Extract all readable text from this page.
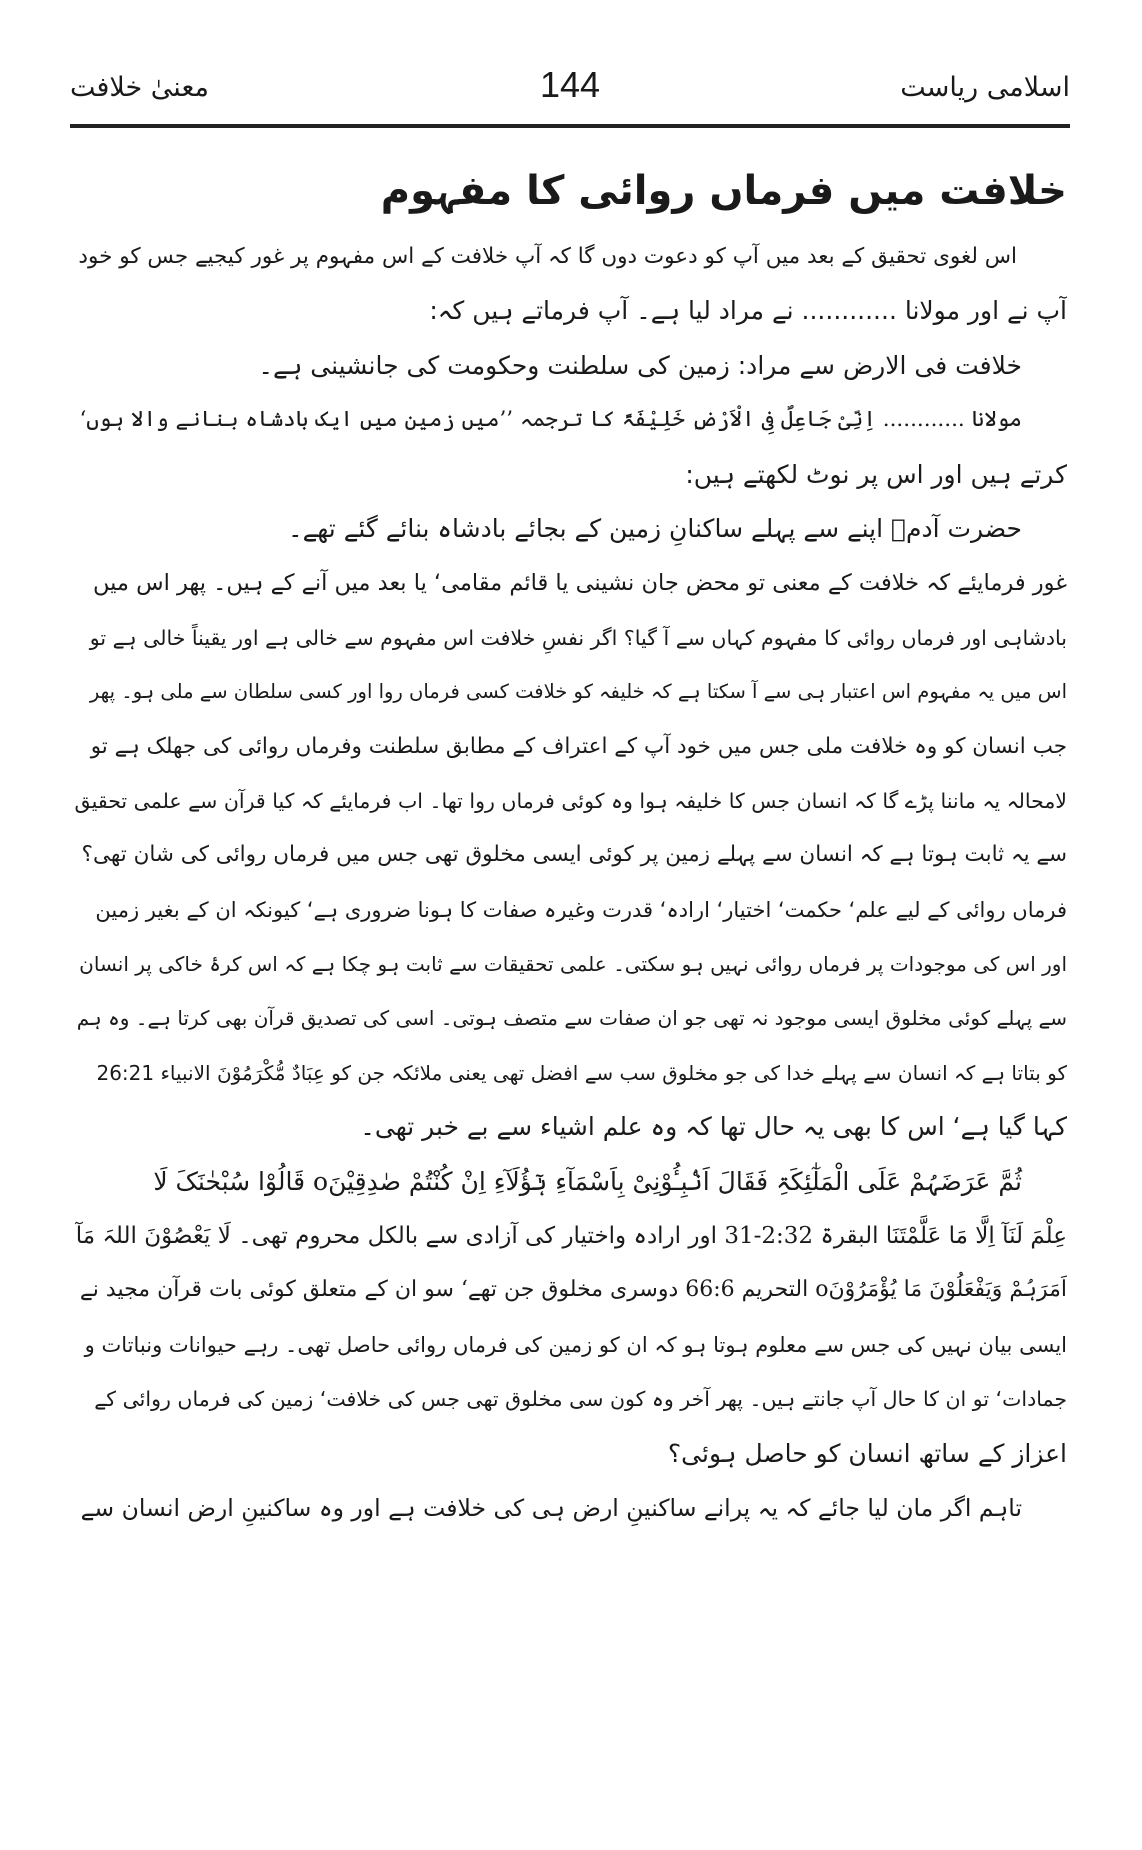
معنیٰ خلافت	144	اسلامی ریاست
خلافت میں فرماں روائی کا مفہوم
اس لغوی تحقیق کے بعد میں آپ کو دعوت دوں گا کہ آپ خلافت کے اس مفہوم پر غور کیجیے جس کو خود
آپ نے اور مولانا ............ نے مراد لیا ہے۔ آپ فرماتے ہیں کہ:
خلافت فی الارض سے مراد: زمین کی سلطنت وحکومت کی جانشینی ہے۔
مولانا ............ اِنِّیْ جَاعِلٌ فِی الْاَرْضِ خَلِیْفَۃً کا ترجمہ ’’میں زمین میں ایک بادشاہ بنانے والا ہوں‘
کرتے ہیں اور اس پر نوٹ لکھتے ہیں:
حضرت آدمؑ اپنے سے پہلے ساکنانِ زمین کے بجائے بادشاہ بنائے گئے تھے۔
غور فرمایئے کہ خلافت کے معنی تو محض جان نشینی یا قائم مقامی‘ یا بعد میں آنے کے ہیں۔ پھر اس میں
بادشاہی اور فرماں روائی کا مفہوم کہاں سے آ گیا؟ اگر نفسِ خلافت اس مفہوم سے خالی ہے اور یقیناً خالی ہے تو
اس میں یہ مفہوم اس اعتبار ہی سے آ سکتا ہے کہ خلیفہ کو خلافت کسی فرماں روا اور کسی سلطان سے ملی ہو۔ پھر
جب انسان کو وہ خلافت ملی جس میں خود آپ کے اعتراف کے مطابق سلطنت وفرماں روائی کی جھلک ہے تو
لامحالہ یہ ماننا پڑے گا کہ انسان جس کا خلیفہ ہوا وہ کوئی فرماں روا تھا۔ اب فرمایئے کہ کیا قرآن سے علمی تحقیق
سے یہ ثابت ہوتا ہے کہ انسان سے پہلے زمین پر کوئی ایسی مخلوق تھی جس میں فرماں روائی کی شان تھی؟
فرماں روائی کے لیے علم‘ حکمت‘ اختیار‘ ارادہ‘ قدرت وغیرہ صفات کا ہونا ضروری ہے‘ کیونکہ ان کے بغیر زمین
اور اس کی موجودات پر فرماں روائی نہیں ہو سکتی۔ علمی تحقیقات سے ثابت ہو چکا ہے کہ اس کرۂ خاکی پر انسان
سے پہلے کوئی مخلوق ایسی موجود نہ تھی جو ان صفات سے متصف ہوتی۔ اسی کی تصدیق قرآن بھی کرتا ہے۔ وہ ہم
کو بتاتا ہے کہ انسان سے پہلے خدا کی جو مخلوق سب سے افضل تھی یعنی ملائکہ جن کو عِبَادٌ مُّکْرَمُوْنَ الانبیاء 26:21
کہا گیا ہے‘ اس کا بھی یہ حال تھا کہ وہ علم اشیاء سے بے خبر تھی۔
ثُمَّ عَرَضَہُمْ عَلَی الْمَلٰٓئِکَۃِ فَقَالَ اَنْۢبِـُٔوْنِیْ بِاَسْمَآءِ ہٰٓؤُلَآءِ اِنْ کُنْتُمْ صٰدِقِیْنَo قَالُوْا سُبْحٰنَکَ لَا
عِلْمَ لَنَآ اِلَّا مَا عَلَّمْتَنَا البقرۃ 2:32-31 اور ارادہ واختیار کی آزادی سے بالکل محروم تھی۔ لَا یَعْصُوْنَ اللہَ مَآ
اَمَرَہُمْ وَیَفْعَلُوْنَ مَا یُؤْمَرُوْنَo التحریم 66:6 دوسری مخلوق جن تھے‘ سو ان کے متعلق کوئی بات قرآن مجید نے
ایسی بیان نہیں کی جس سے معلوم ہوتا ہو کہ ان کو زمین کی فرماں روائی حاصل تھی۔ رہے حیوانات ونباتات و
جمادات‘ تو ان کا حال آپ جانتے ہیں۔ پھر آخر وہ کون سی مخلوق تھی جس کی خلافت‘ زمین کی فرماں روائی کے
اعزاز کے ساتھ انسان کو حاصل ہوئی؟
تاہم اگر مان لیا جائے کہ یہ پرانے ساکنینِ ارض ہی کی خلافت ہے اور وہ ساکنینِ ارض انسان سے
